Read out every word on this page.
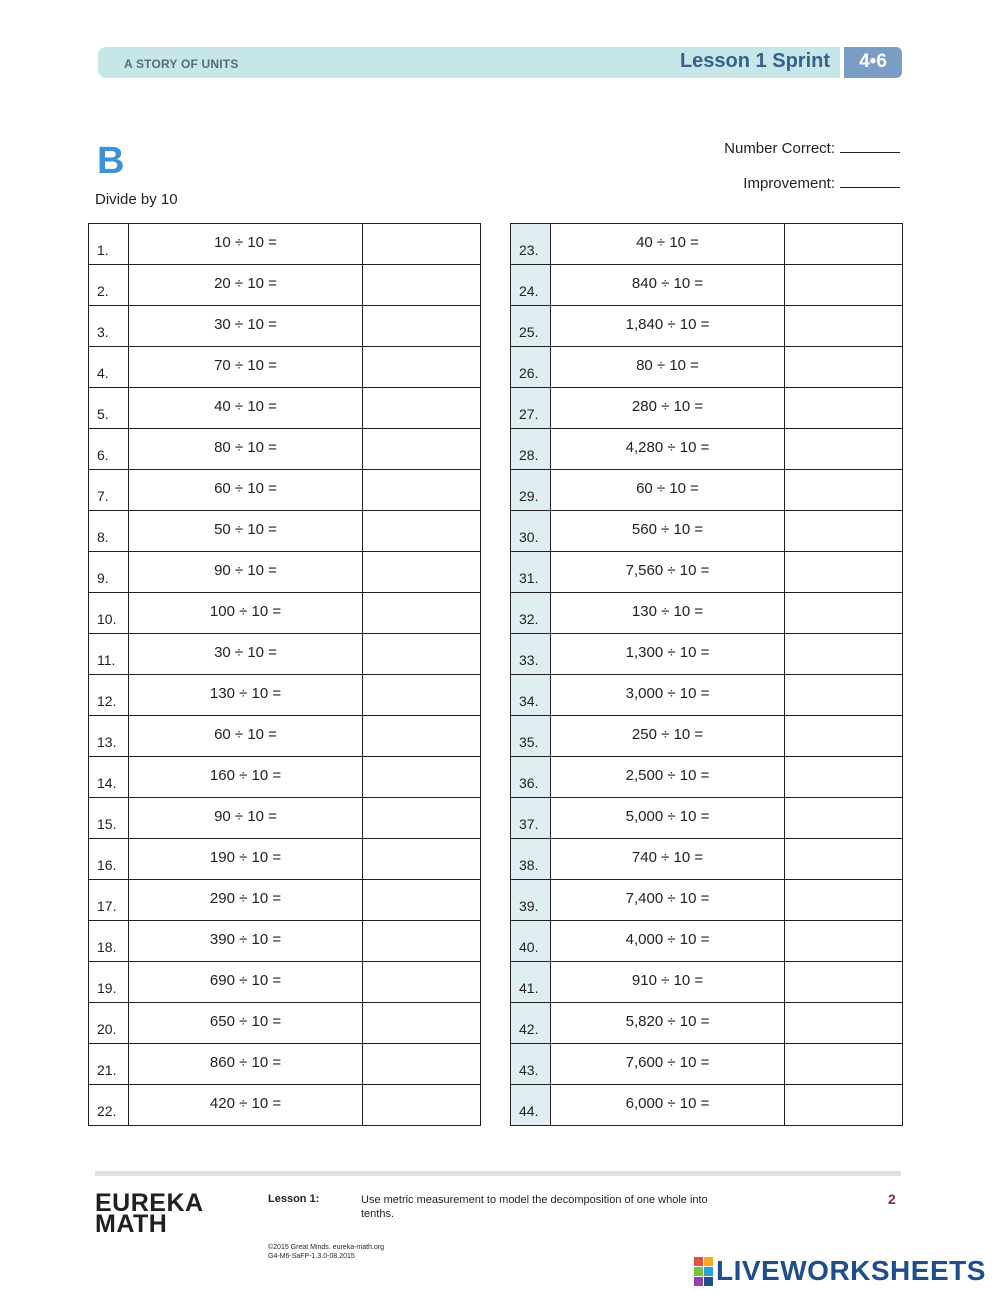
A STORY OF UNITS	Lesson 1 Sprint	4•6
B
Divide by 10
Number Correct:
Improvement:
1.	10 ÷ 10 =	
2.	20 ÷ 10 =	
3.	30 ÷ 10 =	
4.	70 ÷ 10 =	
5.	40 ÷ 10 =	
6.	80 ÷ 10 =	
7.	60 ÷ 10 =	
8.	50 ÷ 10 =	
9.	90 ÷ 10 =	
10.	100 ÷ 10 =	
11.	30 ÷ 10 =	
12.	130 ÷ 10 =	
13.	60 ÷ 10 =	
14.	160 ÷ 10 =	
15.	90 ÷ 10 =	
16.	190 ÷ 10 =	
17.	290 ÷ 10 =	
18.	390 ÷ 10 =	
19.	690 ÷ 10 =	
20.	650 ÷ 10 =	
21.	860 ÷ 10 =	
22.	420 ÷ 10 =	
23.	40 ÷ 10 =	
24.	840 ÷ 10 =	
25.	1,840 ÷ 10 =	
26.	80 ÷ 10 =	
27.	280 ÷ 10 =	
28.	4,280 ÷ 10 =	
29.	60 ÷ 10 =	
30.	560 ÷ 10 =	
31.	7,560 ÷ 10 =	
32.	130 ÷ 10 =	
33.	1,300 ÷ 10 =	
34.	3,000 ÷ 10 =	
35.	250 ÷ 10 =	
36.	2,500 ÷ 10 =	
37.	5,000 ÷ 10 =	
38.	740 ÷ 10 =	
39.	7,400 ÷ 10 =	
40.	4,000 ÷ 10 =	
41.	910 ÷ 10 =	
42.	5,820 ÷ 10 =	
43.	7,600 ÷ 10 =	
44.	6,000 ÷ 10 =	
EUREKA
MATH
Lesson 1:	Use metric measurement to model the decomposition of one whole into tenths.
2
©2015 Great Minds. eureka-math.org
G4-M6-SaFP-1.3.0-08.2015	LIVEWORKSHEETS
